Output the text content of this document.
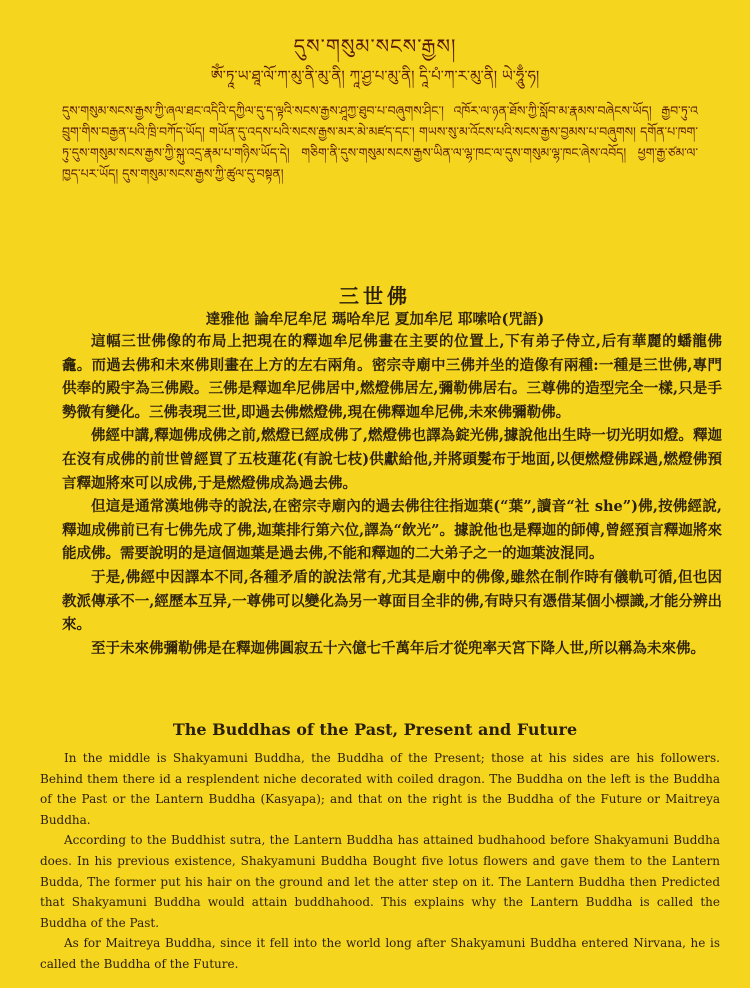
དུས་གསུམ་སངས་རྒྱས།
ཨོཾ་ཏཱ་ཡ་ཐཱ་ལོ་ཀ་མུ་ནི་མུ་ནི། ཀཱ་ཤྱ་པ་མུ་ནི། དཱི་པཾ་ཀ་ར་མུ་ནི། ཡེ་ཧཱུྃ་ཧ།
དུས་གསུམ་སངས་རྒྱས་ཀྱི་ཞལ་ཐང་འདིའི་དཀྱིལ་དུ་ད་ལྟའི་སངས་རྒྱས་ཤཱཀྱ་ཐུབ་པ་བཞུགས་ཤིང་། འཁོར་ལ་ཉན་ཐོས་ཀྱི་སློབ་མ་རྣམས་བཞེངས་ཡོད། རྒྱབ་ཏུ་འབྲུག་གིས་བརྒྱན་པའི་ཁྲི་བཀོད་ཡོད། གཡོན་དུ་འདས་པའི་སངས་རྒྱས་མར་མེ་མཛད་དང་། གཡས་སུ་མ་འོངས་པའི་སངས་རྒྱས་བྱམས་པ་བཞུགས། དགོན་པ་ཁག་ཏུ་དུས་གསུམ་སངས་རྒྱས་ཀྱི་སྐུ་འདྲ་རྣམ་པ་གཉིས་ཡོད་དེ། གཅིག་ནི་དུས་གསུམ་སངས་རྒྱས་ཡིན་ལ་ལྷ་ཁང་ལ་དུས་གསུམ་ལྷ་ཁང་ཞེས་འབོད། ཕྱག་རྒྱ་ཙམ་ལ་ཁྱད་པར་ཡོད། དུས་གསུམ་སངས་རྒྱས་ཀྱི་ཚུལ་དུ་བསྟན།
三世佛
達雅他 論牟尼牟尼 瑪哈牟尼 夏加牟尼 耶嗦哈(咒語)

這幅三世佛像的布局上把現在的釋迦牟尼佛畫在主要的位置上,下有弟子侍立,后有華麗的蟠龍佛龕。而過去佛和未來佛則畫在上方的左右兩角。密宗寺廟中三佛并坐的造像有兩種:一種是三世佛,專門供奉的殿宇為三佛殿。三佛是釋迦牟尼佛居中,燃燈佛居左,彌勒佛居右。三尊佛的造型完全一樣,只是手勢微有變化。三佛表現三世,即過去佛燃燈佛,現在佛釋迦牟尼佛,未來佛彌勒佛。

佛經中講,釋迦佛成佛之前,燃燈已經成佛了,燃燈佛也譯為錠光佛,據說他出生時一切光明如燈。釋迦在沒有成佛的前世曾經買了五枝蓮花(有說七枝)供獻給他,并將頭髮布于地面,以便燃燈佛踩過,燃燈佛預言釋迦將來可以成佛,于是燃燈佛成為過去佛。

但這是通常漢地佛寺的說法,在密宗寺廟內的過去佛往往指迦葉(“葉”,讀音“社 she”)佛,按佛經說,釋迦成佛前已有七佛先成了佛,迦葉排行第六位,譯為“飲光”。據說他也是釋迦的師傅,曾經預言釋迦將來能成佛。需要說明的是這個迦葉是過去佛,不能和釋迦的二大弟子之一的迦葉波混同。

于是,佛經中因譯本不同,各種矛盾的說法常有,尤其是廟中的佛像,雖然在制作時有儀軌可循,但也因教派傳承不一,經歷本互异,一尊佛可以變化為另一尊面目全非的佛,有時只有憑借某個小標識,才能分辨出來。

至于未來佛彌勒佛是在釋迦佛圓寂五十六億七千萬年后才從兜率天宮下降人世,所以稱為未來佛。

The Buddhas of the Past, Present and Future

In the middle is Shakyamuni Buddha, the Buddha of the Present; those at his sides are his followers. Behind them there id a resplendent niche decorated with coiled dragon. The Buddha on the left is the Buddha of the Past or the Lantern Buddha (Kasyapa); and that on the right is the Buddha of the Future or Maitreya Buddha.

According to the Buddhist sutra, the Lantern Buddha has attained budhahood before Shakyamuni Buddha does. In his previous existence, Shakyamuni Buddha Bought five lotus flowers and gave them to the Lantern Budda, The former put his hair on the ground and let the atter step on it. The Lantern Buddha then Predicted that Shakyamuni Buddha would attain buddhahood. This explains why the Lantern Buddha is called the Buddha of the Past.

As for Maitreya Buddha, since it fell into the world long after Shakyamuni Buddha entered Nirvana, he is called the Buddha of the Future.
